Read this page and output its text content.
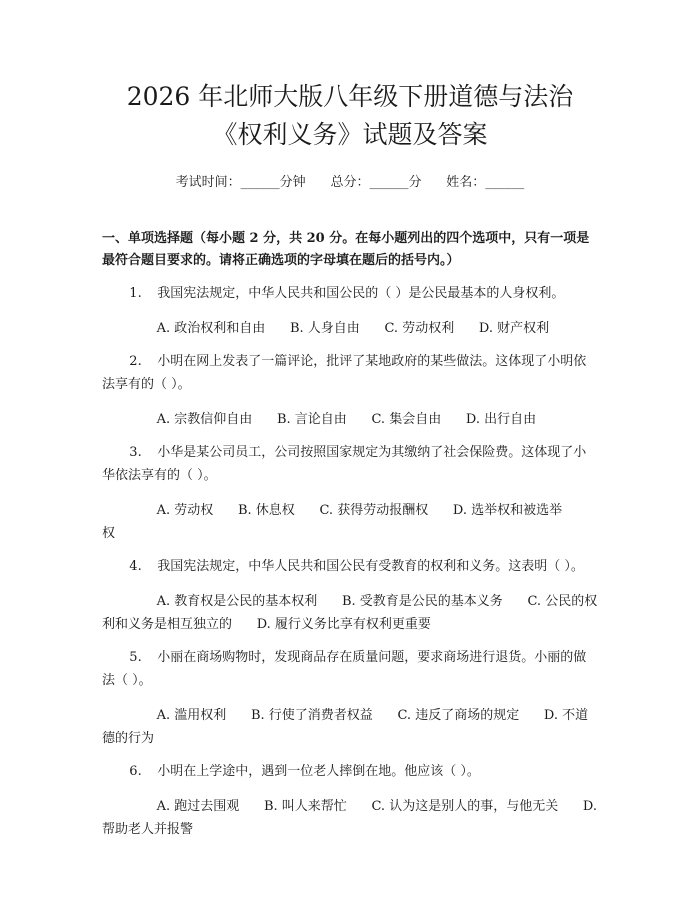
2026 年北师大版八年级下册道德与法治《权利义务》试题及答案
考试时间：______分钟 总分：______分 姓名：______
一、单项选择题（每小题 2 分，共 20 分。在每小题列出的四个选项中，只有一项是最符合题目要求的。请将正确选项的字母填在题后的括号内。）
1. 我国宪法规定，中华人民共和国公民的（ ）是公民最基本的人身权利。
A. 政治权利和自由 B. 人身自由 C. 劳动权利 D. 财产权利
2. 小明在网上发表了一篇评论，批评了某地政府的某些做法。这体现了小明依法享有的（ ）。
A. 宗教信仰自由 B. 言论自由 C. 集会自由 D. 出行自由
3. 小华是某公司员工，公司按照国家规定为其缴纳了社会保险费。这体现了小华依法享有的（ ）。
A. 劳动权 B. 休息权 C. 获得劳动报酬权 D. 选举权和被选举权
4. 我国宪法规定，中华人民共和国公民有受教育的权利和义务。这表明（ ）。
A. 教育权是公民的基本权利 B. 受教育是公民的基本义务 C. 公民的权利和义务是相互独立的 D. 履行义务比享有权利更重要
5. 小丽在商场购物时，发现商品存在质量问题，要求商场进行退货。小丽的做法（ ）。
A. 滥用权利 B. 行使了消费者权益 C. 违反了商场的规定 D. 不道德的行为
6. 小明在上学途中，遇到一位老人摔倒在地。他应该（ ）。
A. 跑过去围观 B. 叫人来帮忙 C. 认为这是别人的事，与他无关 D. 帮助老人并报警
